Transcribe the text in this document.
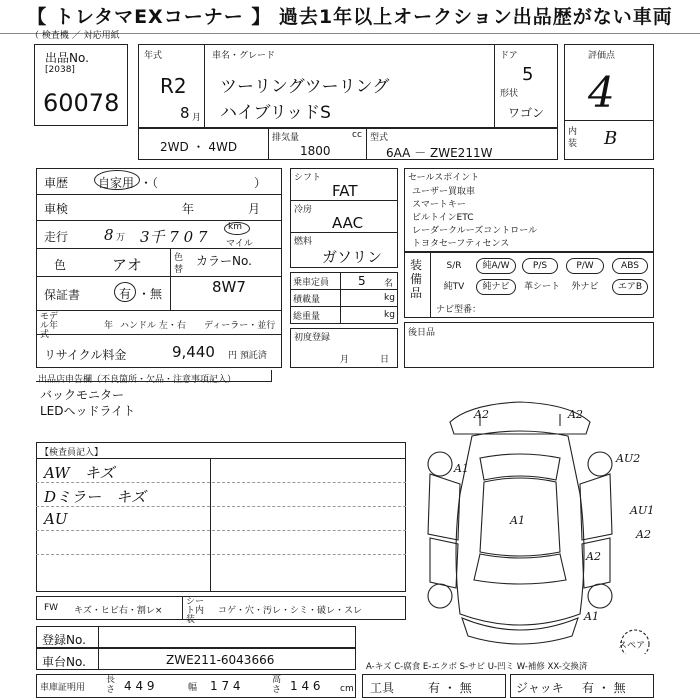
【 トレタマEXコーナー 】 過去1年以上オークション出品歴がない車両
（ 検査機 ／ 対応用紙
出品No.
[2038]
60078
年式
R2
8 月
車名・グレード
ツーリングツーリング
ハイブリッドS
ドア
5
形状
ワゴン
評価点
4
内装 B
2WD ・ 4WD
排気量	cc
1800
型式
6AA － ZWE211W
車歴 自家用 ・（　　　　　　　　）
車検	年	月
走行 8 万 3千 7 0 7
km
マイル
色	アオ	色替
カラーNo.
8W7
保証書	有 ・無
モデル年式
年 ハンドル 左・右 ディーラー・並行
リサイクル料金	9,440 円 預託済
シフト
FAT
冷房
AAC
燃料
ガソリン
乗車定員 5 名
積載量	kg
総重量	kg
初度登録
月	日
セールスポイント
ユーザー買取車
スマートキー
ビルトインETC
レーダークルーズコントロール
トヨタセーフティセンス
装備品
S/R	純A/W	P/S	P/W	ABS
純TV	純ナビ	革シート	外ナビ	エアB
ナビ型番：
後日品
出品店申告欄（不良箇所・欠品・注意事項記入）
バックモニター
LEDヘッドライト
【検査員記入】
AW　キズ
Dミラー　キズ
AU
FW キズ・ヒビ右・割レ×
シート内装
コゲ・穴・汚レ・シミ・破レ・スレ
登録No.
車台No.	ZWE211-6043666
車庫証明用
長さ 4 4 9	幅 1 7 4	高さ 1 4 6 cm 工具	有 ・ 無	ジャッキ 有 ・ 無
A-キズ C-腐食 E-エクボ S-サビ U-凹ミ W-補修 XX-交換済
A2	A2
AU2
A1
A1
AU1
A2
A2
A1
スペア
